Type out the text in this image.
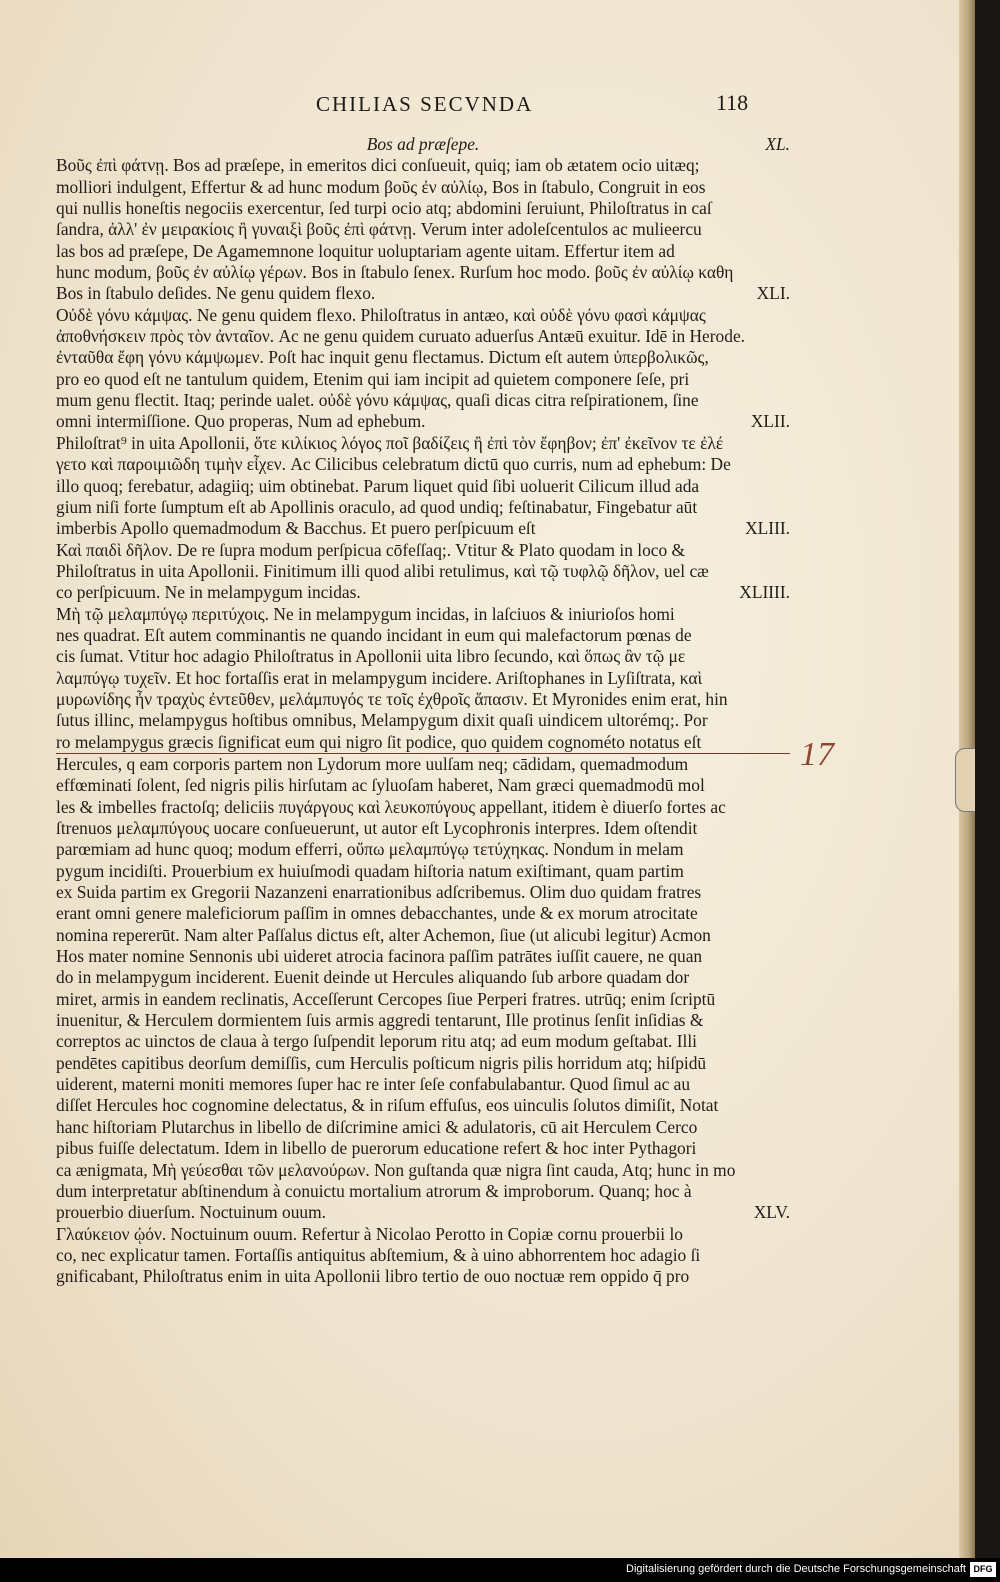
CHILIAS SECVNDA	118
Bos ad præſepe.	XL.
Βοῦς ἐπὶ φάτνῃ. Bos ad præſepe, in emeritos dici conſueuit, quiq; iam ob ætatem ocio uitæq;
molliori indulgent, Effertur & ad hunc modum βοῦς ἐν αὐλίῳ, Bos in ſtabulo, Congruit in eos
qui nullis honeſtis negociis exercentur, ſed turpi ocio atq; abdomini ſeruiunt, Philoſtratus in caſ
ſandra, ἀλλ' ἐν μειρακίοις ἢ γυναιξὶ βοῦς ἐπὶ φάτνῃ. Verum inter adoleſcentulos ac mulieercu
las bos ad præſepe, De Agamemnone loquitur uoluptariam agente uitam. Effertur item ad
hunc modum, βοῦς ἐν αὐλίῳ γέρων. Bos in ſtabulo ſenex. Rurſum hoc modo. βοῦς ἐν αὐλίῳ καθη
Bos in ſtabulo deſides. Ne genu quidem flexo.	XLI.
Οὐδὲ γόνυ κάμψας. Ne genu quidem flexo. Philoſtratus in antæo, καὶ οὐδὲ γόνυ φασὶ κάμψας
ἀποθνήσκειν πρὸς τὸν ἀνταῖον. Ac ne genu quidem curuato aduerſus Antæū exuitur. Idē in Herode.
ἐνταῦθα ἔφη γόνυ κάμψωμεν. Poſt hac inquit genu flectamus. Dictum eſt autem ὑπερβολικῶς,
pro eo quod eſt ne tantulum quidem, Etenim qui iam incipit ad quietem componere ſeſe, pri
mum genu flectit. Itaq; perinde ualet. οὐδὲ γόνυ κάμψας, quaſi dicas citra reſpirationem, ſine
omni intermiſſione. Quo properas, Num ad ephebum.	XLII.
Philoſtrat⁹ in uita Apollonii, ὅτε κιλίκιος λόγος ποῖ βαδίζεις ἢ ἐπὶ τὸν ἔφηβον; ἐπ' ἐκεῖνον τε ἐλέ
γετο καὶ παροιμιῶδη τιμὴν εἶχεν. Ac Cilicibus celebratum dictū quo curris, num ad ephebum: De
illo quoq; ferebatur, adagiiq; uim obtinebat. Parum liquet quid ſibi uoluerit Cilicum illud ada
gium niſi forte ſumptum eſt ab Apollinis oraculo, ad quod undiq; feſtinabatur, Fingebatur aūt
imberbis Apollo quemadmodum & Bacchus. Et puero perſpicuum eſt	XLIII.
Καὶ παιδὶ δῆλον. De re ſupra modum perſpicua cōfeſſaq;. Vtitur & Plato quodam in loco &
Philoſtratus in uita Apollonii. Finitimum illi quod alibi retulimus, καὶ τῷ τυφλῷ δῆλον, uel cæ
co perſpicuum. Ne in melampygum incidas.	XLIIII.
Μὴ τῷ μελαμπύγῳ περιτύχοις. Ne in melampygum incidas, in laſciuos & iniurioſos homi
nes quadrat. Eſt autem comminantis ne quando incidant in eum qui malefactorum pœnas de
cis ſumat. Vtitur hoc adagio Philoſtratus in Apollonii uita libro ſecundo, καὶ ὅπως ἂν τῷ με
λαμπύγῳ τυχεῖν. Et hoc fortaſſis erat in melampygum incidere. Ariſtophanes in Lyſiſtrata, καὶ
μυρωνίδης ἦν τραχὺς ἐντεῦθεν, μελάμπυγός τε τοῖς ἐχθροῖς ἅπασιν. Et Myronides enim erat, hin
ſutus illinc, melampygus hoſtibus omnibus, Melampygum dixit quaſi uindicem ultorémq;. Por
ro melampygus græcis ſignificat eum qui nigro ſit podice, quo quidem cognométo notatus eſt
Hercules, q eam corporis partem non Lydorum more uulſam neq; cādidam, quemadmodum
effœminati ſolent, ſed nigris pilis hirſutam ac ſyluoſam haberet, Nam græci quemadmodū mol
les & imbelles fractoſq; deliciis πυγάργους καὶ λευκοπύγους appellant, itidem è diuerſo fortes ac
ſtrenuos μελαμπύγους uocare conſueuerunt, ut autor eſt Lycophronis interpres. Idem oſtendit
parœmiam ad hunc quoq; modum efferri, οὔπω μελαμπύγῳ τετύχηκας. Nondum in melam
pygum incidiſti. Prouerbium ex huiuſmodi quadam hiſtoria natum exiſtimant, quam partim
ex Suida partim ex Gregorii Nazanzeni enarrationibus adſcribemus. Olim duo quidam fratres
erant omni genere maleficiorum paſſim in omnes debacchantes, unde & ex morum atrocitate
nomina repererūt. Nam alter Paſſalus dictus eſt, alter Achemon, ſiue (ut alicubi legitur) Acmon
Hos mater nomine Sennonis ubi uideret atrocia facinora paſſim patrātes iuſſit cauere, ne quan
do in melampygum inciderent. Euenit deinde ut Hercules aliquando ſub arbore quadam dor
miret, armis in eandem reclinatis, Acceſſerunt Cercopes ſiue Perperi fratres. utrūq; enim ſcriptū
inuenitur, & Herculem dormientem ſuis armis aggredi tentarunt, Ille protinus ſenſit inſidias &
correptos ac uinctos de claua à tergo ſuſpendit leporum ritu atq; ad eum modum geſtabat. Illi
pendētes capitibus deorſum demiſſis, cum Herculis poſticum nigris pilis horridum atq; hiſpidū
uiderent, materni moniti memores ſuper hac re inter ſeſe confabulabantur. Quod ſimul ac au
diſſet Hercules hoc cognomine delectatus, & in riſum effuſus, eos uinculis ſolutos dimiſit, Notat
hanc hiſtoriam Plutarchus in libello de diſcrimine amici & adulatoris, cū ait Herculem Cerco
pibus fuiſſe delectatum. Idem in libello de puerorum educatione refert & hoc inter Pythagori
ca ænigmata, Μὴ γεύεσθαι τῶν μελανούρων. Non guſtanda quæ nigra ſint cauda, Atq; hunc in mo
dum interpretatur abſtinendum à conuictu mortalium atrorum & improborum. Quanq; hoc à
prouerbio diuerſum. Noctuinum ouum.	XLV.
Γλαύκειον ᾠόν. Noctuinum ouum. Refertur à Nicolao Perotto in Copiæ cornu prouerbii lo
co, nec explicatur tamen. Fortaſſis antiquitus abſtemium, & à uino abhorrentem hoc adagio ſi
gnificabant, Philoſtratus enim in uita Apollonii libro tertio de ouo noctuæ rem oppido q̄ pro
17
Digitalisierung gefördert durch die Deutsche Forschungsgemeinschaft DFG
